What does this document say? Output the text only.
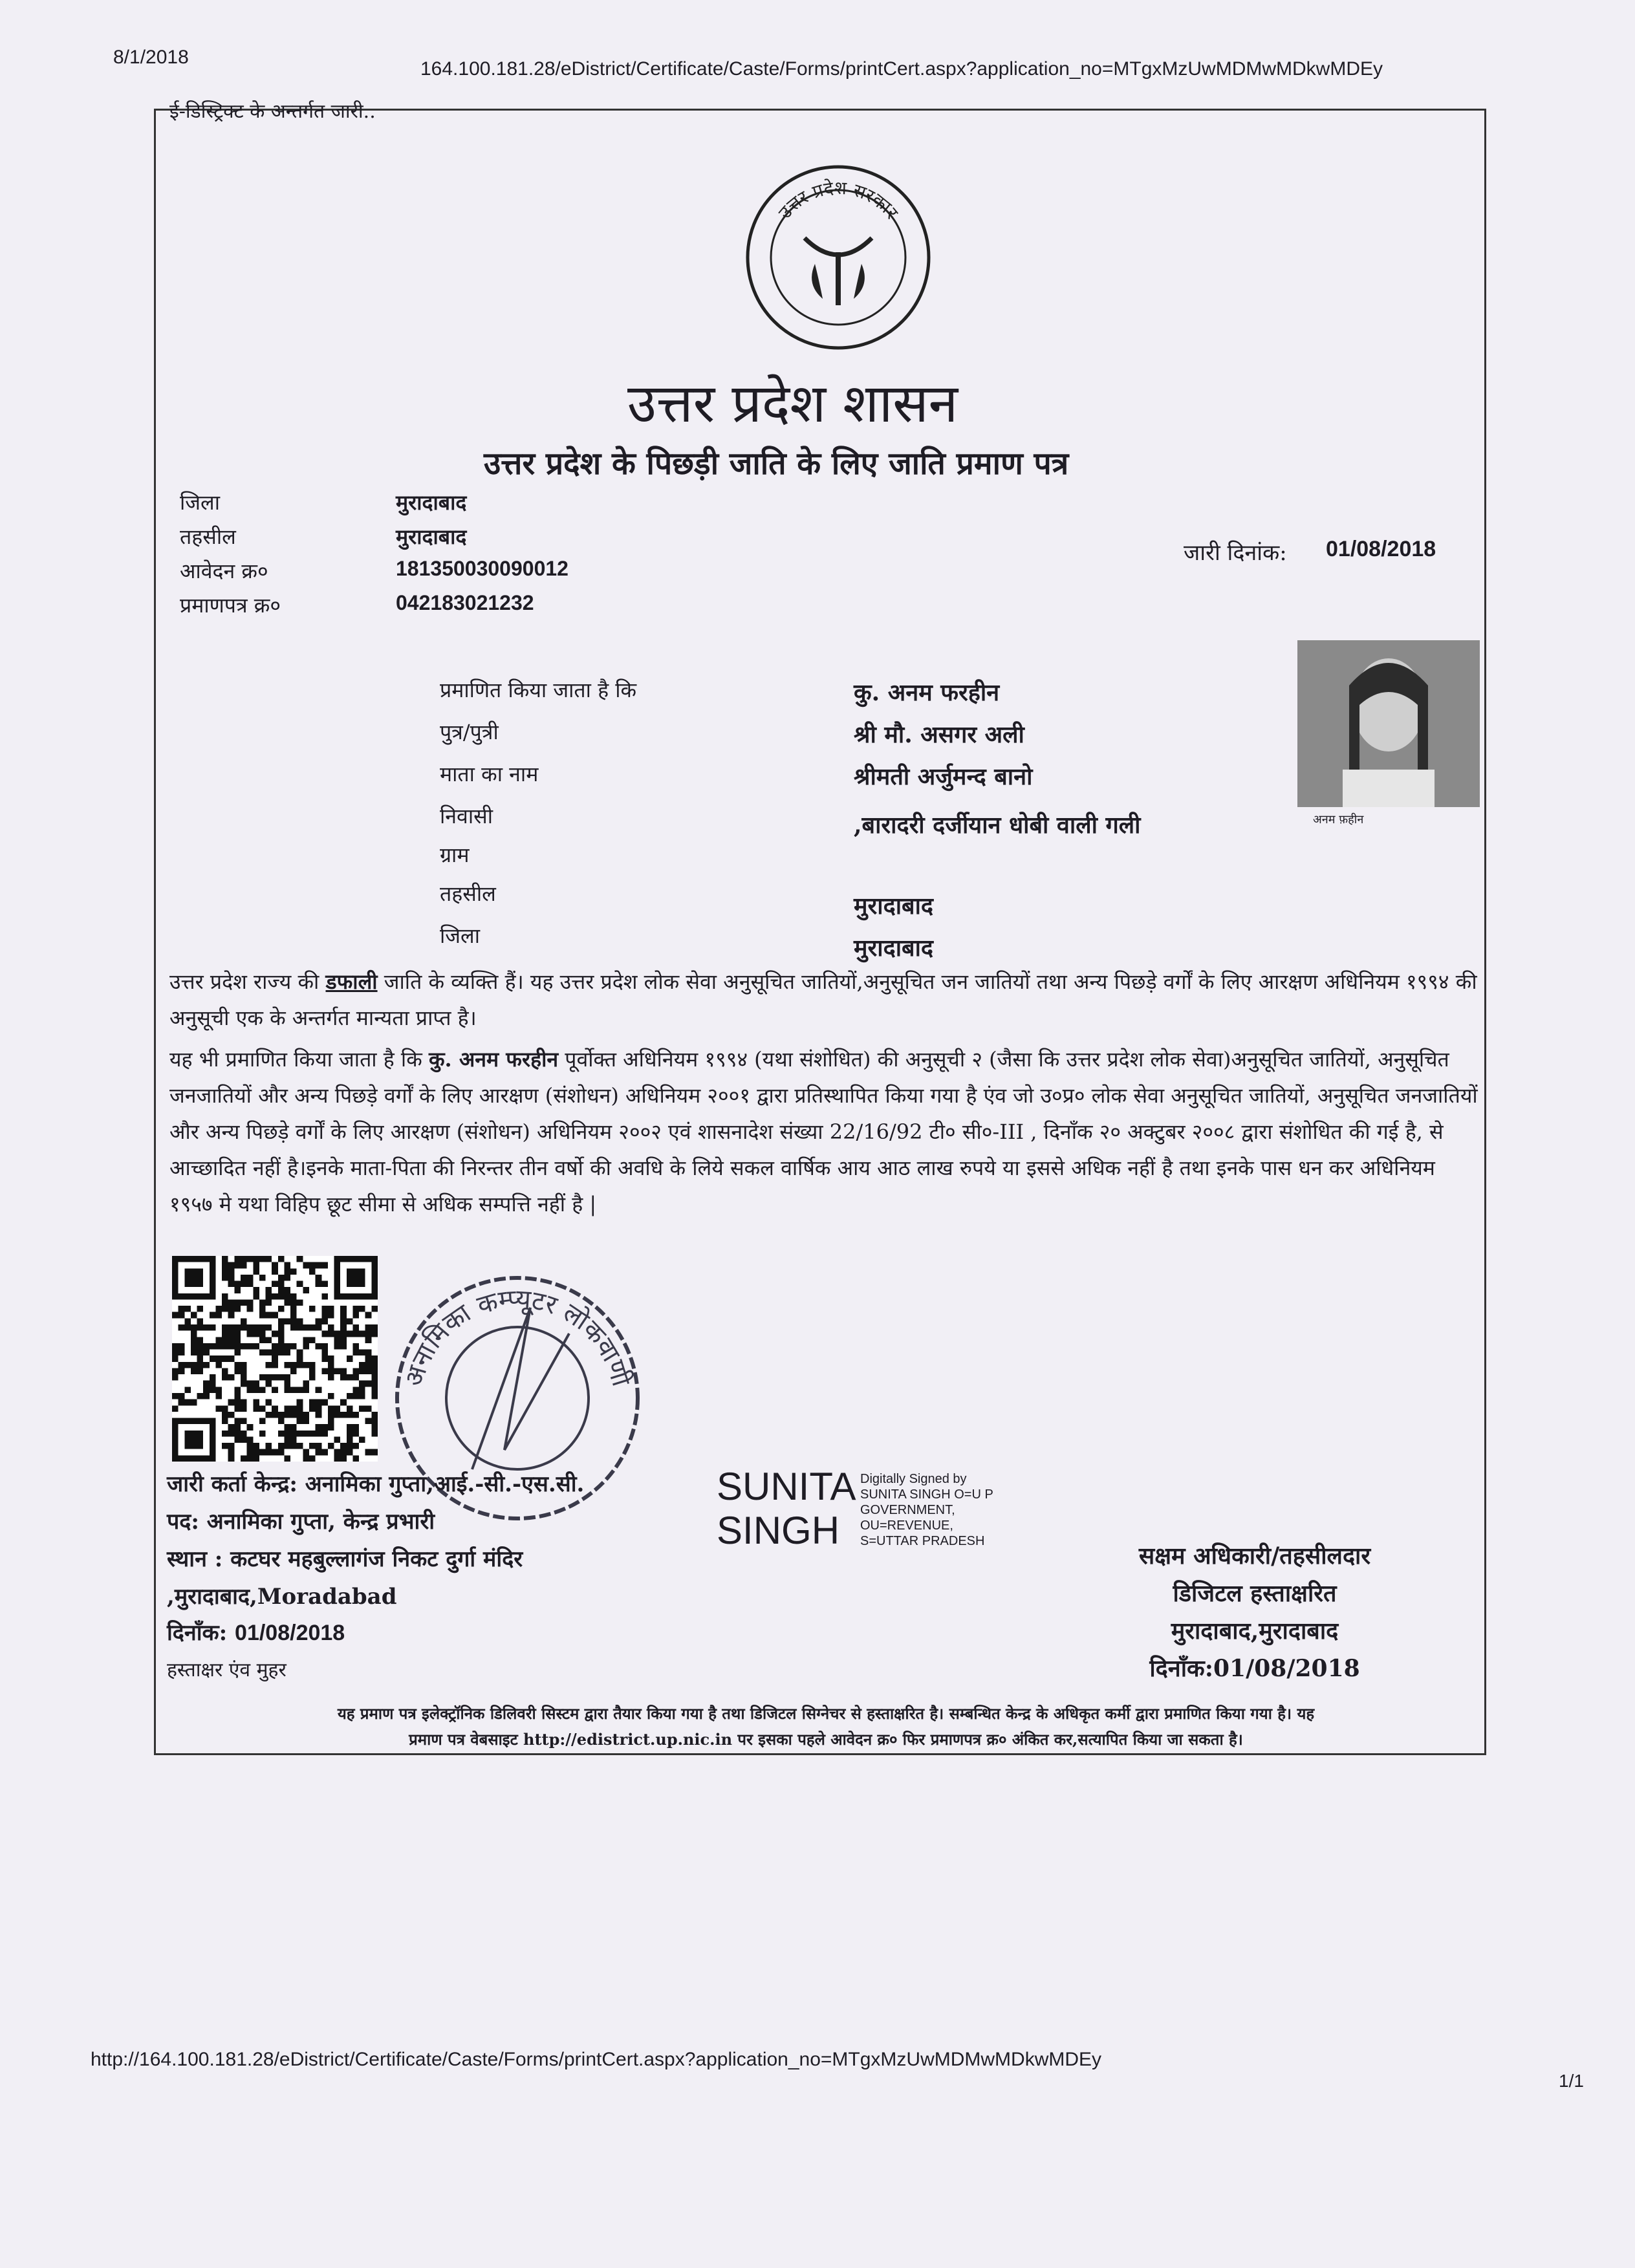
8/1/2018
164.100.181.28/eDistrict/Certificate/Caste/Forms/printCert.aspx?application_no=MTgxMzUwMDMwMDkwMDEy
ई-डिस्ट्रिक्ट के अन्तर्गत जारी..
उत्तर प्रदेश सरकार
उत्तर प्रदेश शासन
उत्तर प्रदेश के पिछड़ी जाति के लिए जाति प्रमाण पत्र
जिला	मुरादाबाद
तहसील	मुरादाबाद
आवेदन क्र०	181350030090012
प्रमाणपत्र क्र०	042183021232
जारी दिनांक: 01/08/2018
अनम फ़हीन
प्रमाणित किया जाता है कि	कु. अनम फरहीन
पुत्र/पुत्री	श्री मौ. असगर अली
माता का नाम	श्रीमती अर्जुमन्द बानो
निवासी	,बारादरी दर्जीयान धोबी वाली गली
ग्राम
तहसील	मुरादाबाद
जिला	मुरादाबाद
उत्तर प्रदेश राज्य की डफाली जाति के व्यक्ति हैं। यह उत्तर प्रदेश लोक सेवा अनुसूचित जातियों,अनुसूचित जन जातियों तथा अन्य पिछड़े वर्गों के लिए आरक्षण अधिनियम १९९४ की अनुसूची एक के अन्तर्गत मान्यता प्राप्त है।
यह भी प्रमाणित किया जाता है कि कु. अनम फरहीन पूर्वोक्त अधिनियम १९९४ (यथा संशोधित) की अनुसूची २ (जैसा कि उत्तर प्रदेश लोक सेवा)अनुसूचित जातियों, अनुसूचित जनजातियों और अन्य पिछड़े वर्गों के लिए आरक्षण (संशोधन) अधिनियम २००१ द्वारा प्रतिस्थापित किया गया है एंव जो उ०प्र० लोक सेवा अनुसूचित जातियों, अनुसूचित जनजातियों और अन्य पिछड़े वर्गों के लिए आरक्षण (संशोधन) अधिनियम २००२ एवं शासनादेश संख्या 22/16/92 टी० सी०-III , दिनाँक २० अक्टुबर २००८ द्वारा संशोधित की गई है, से आच्छादित नहीं है।इनके माता-पिता की निरन्तर तीन वर्षो की अवधि के लिये सकल वार्षिक आय आठ लाख रुपये या इससे अधिक नहीं है तथा इनके पास धन कर अधिनियम १९५७ मे यथा विहिप छूट सीमा से अधिक सम्पत्ति नहीं है |
अनामिका कम्प्यूटर लोकवाणी
जारी कर्ता केन्द्र: अनामिका गुप्ता,आई.-सी.-एस.सी.
पद: अनामिका गुप्ता, केन्द्र प्रभारी
स्थान : कटघर महबुल्लागंज निकट दुर्गा मंदिर
,मुरादाबाद,Moradabad
दिनाँक: 01/08/2018
हस्ताक्षर एंव मुहर
SUNITA
SINGH
Digitally Signed by
SUNITA SINGH O=U P
GOVERNMENT,
OU=REVENUE,
S=UTTAR PRADESH
सक्षम अधिकारी/तहसीलदार
डिजिटल हस्ताक्षरित
मुरादाबाद,मुरादाबाद
दिनाँक:01/08/2018
यह प्रमाण पत्र इलेक्ट्रॉनिक डिलिवरी सिस्टम द्वारा तैयार किया गया है तथा डिजिटल सिग्नेचर से हस्ताक्षरित है। सम्बन्धित केन्द्र के अधिकृत कर्मी द्वारा प्रमाणित किया गया है। यह
प्रमाण पत्र वेबसाइट http://edistrict.up.nic.in पर इसका पहले आवेदन क्र० फिर प्रमाणपत्र क्र० अंकित कर,सत्यापित किया जा सकता है।
http://164.100.181.28/eDistrict/Certificate/Caste/Forms/printCert.aspx?application_no=MTgxMzUwMDMwMDkwMDEy
1/1
